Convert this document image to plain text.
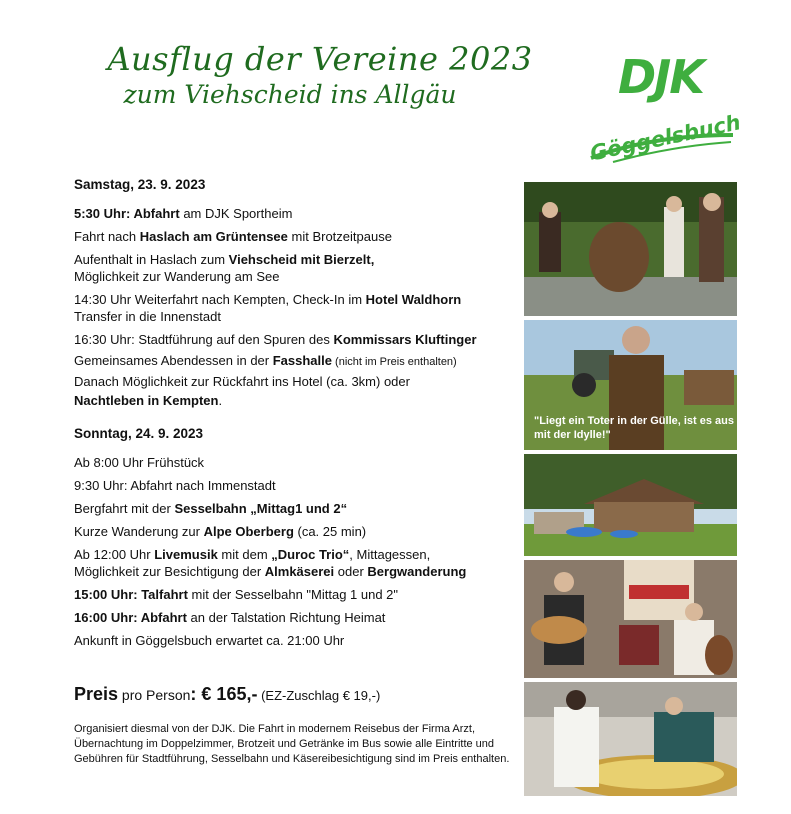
Ausflug der Vereine 2023
zum Viehscheid ins Allgäu	DJK
Göggelsbuch

Samstag, 23. 9. 2023

5:30 Uhr: Abfahrt am DJK Sportheim

Fahrt nach Haslach am Grüntensee mit Brotzeitpause

Aufenthalt in Haslach zum Viehscheid mit Bierzelt,

Möglichkeit zur Wanderung am See

14:30 Uhr Weiterfahrt nach Kempten, Check-In im Hotel Waldhorn

Transfer in die Innenstadt

16:30 Uhr: Stadtführung auf den Spuren des Kommissars Kluftinger

Gemeinsames Abendessen in der Fasshalle (nicht im Preis enthalten)

Danach Möglichkeit zur Rückfahrt ins Hotel (ca. 3km) oder

Nachtleben in Kempten.

Sonntag, 24. 9. 2023

Ab 8:00 Uhr Frühstück

9:30 Uhr: Abfahrt nach Immenstadt

Bergfahrt mit der Sesselbahn „Mittag1 und 2“

Kurze Wanderung zur Alpe Oberberg (ca. 25 min)

Ab 12:00 Uhr Livemusik mit dem „Duroc Trio“, Mittagessen,

Möglichkeit zur Besichtigung der Almkäserei oder Bergwanderung

15:00 Uhr: Talfahrt mit der Sesselbahn "Mittag 1 und 2"

16:00 Uhr: Abfahrt an der Talstation Richtung Heimat

Ankunft in Göggelsbuch erwartet ca. 21:00 Uhr

Preis pro Person: € 165,- (EZ-Zuschlag € 19,-)
Organisiert diesmal von der DJK. Die Fahrt in modernem Reisebus der Firma Arzt, Übernachtung im Doppelzimmer, Brotzeit und Getränke im Bus sowie alle Eintritte und Gebühren für Stadtführung, Sesselbahn und Käsereibesichtigung sind im Preis enthalten.
"Liegt ein Toter in der Gülle, ist es aus mit der Idylle!"
